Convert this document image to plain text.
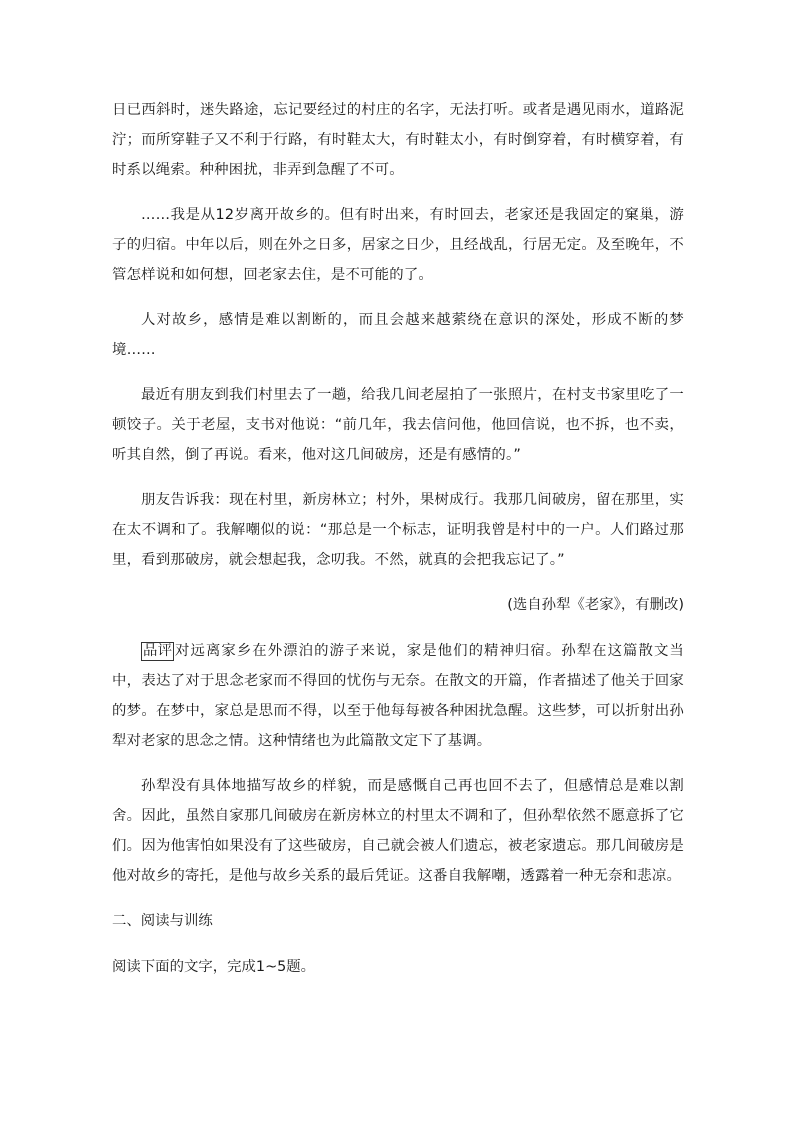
日已西斜时，迷失路途，忘记要经过的村庄的名字，无法打听。或者是遇见雨水，道路泥泞；而所穿鞋子又不利于行路，有时鞋太大，有时鞋太小，有时倒穿着，有时横穿着，有时系以绳索。种种困扰，非弄到急醒了不可。

……我是从12岁离开故乡的。但有时出来，有时回去，老家还是我固定的窠巢，游子的归宿。中年以后，则在外之日多，居家之日少，且经战乱，行居无定。及至晚年，不管怎样说和如何想，回老家去住，是不可能的了。

人对故乡，感情是难以割断的，而且会越来越萦绕在意识的深处，形成不断的梦境……

最近有朋友到我们村里去了一趟，给我几间老屋拍了一张照片，在村支书家里吃了一顿饺子。关于老屋，支书对他说：“前几年，我去信问他，他回信说，也不拆，也不卖，听其自然，倒了再说。看来，他对这几间破房，还是有感情的。”

朋友告诉我：现在村里，新房林立；村外，果树成行。我那几间破房，留在那里，实在太不调和了。我解嘲似的说：“那总是一个标志，证明我曾是村中的一户。人们路过那里，看到那破房，就会想起我，念叨我。不然，就真的会把我忘记了。”

(选自孙犁《老家》，有删改)

品评 对远离家乡在外漂泊的游子来说，家是他们的精神归宿。孙犁在这篇散文当中，表达了对于思念老家而不得回的忧伤与无奈。在散文的开篇，作者描述了他关于回家的梦。在梦中，家总是思而不得，以至于他每每被各种困扰急醒。这些梦，可以折射出孙犁对老家的思念之情。这种情绪也为此篇散文定下了基调。

孙犁没有具体地描写故乡的样貌，而是感慨自己再也回不去了，但感情总是难以割舍。因此，虽然自家那几间破房在新房林立的村里太不调和了，但孙犁依然不愿意拆了它们。因为他害怕如果没有了这些破房，自己就会被人们遗忘，被老家遗忘。那几间破房是他对故乡的寄托，是他与故乡关系的最后凭证。这番自我解嘲，透露着一种无奈和悲凉。

二、阅读与训练

阅读下面的文字，完成1~5题。
